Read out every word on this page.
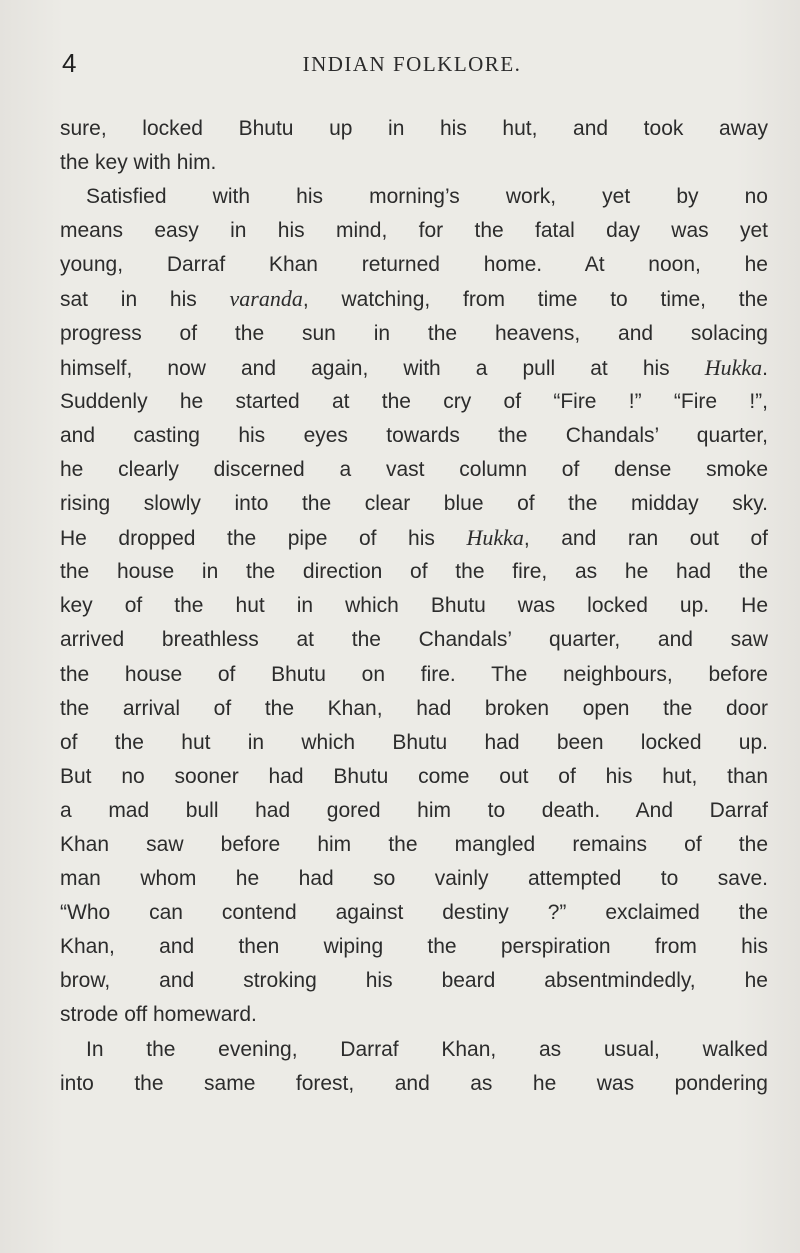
4	INDIAN FOLKLORE.
sure, locked Bhutu up in his hut, and took away
the key with him.
Satisfied with his morning’s work, yet by no
means easy in his mind, for the fatal day was yet
young, Darraf Khan returned home. At noon, he
sat in his varanda, watching, from time to time, the
progress of the sun in the heavens, and solacing
himself, now and again, with a pull at his Hukka.
Suddenly he started at the cry of “Fire !” “Fire !”,
and casting his eyes towards the Chandals’ quarter,
he clearly discerned a vast column of dense smoke
rising slowly into the clear blue of the midday sky.
He dropped the pipe of his Hukka, and ran out of
the house in the direction of the fire, as he had the
key of the hut in which Bhutu was locked up. He
arrived breathless at the Chandals’ quarter, and saw
the house of Bhutu on fire. The neighbours, before
the arrival of the Khan, had broken open the door
of the hut in which Bhutu had been locked up.
But no sooner had Bhutu come out of his hut, than
a mad bull had gored him to death. And Darraf
Khan saw before him the mangled remains of the
man whom he had so vainly attempted to save.
“Who can contend against destiny ?” exclaimed the
Khan, and then wiping the perspiration from his
brow, and stroking his beard absentmindedly, he
strode off homeward.
In the evening, Darraf Khan, as usual, walked
into the same forest, and as he was pondering
